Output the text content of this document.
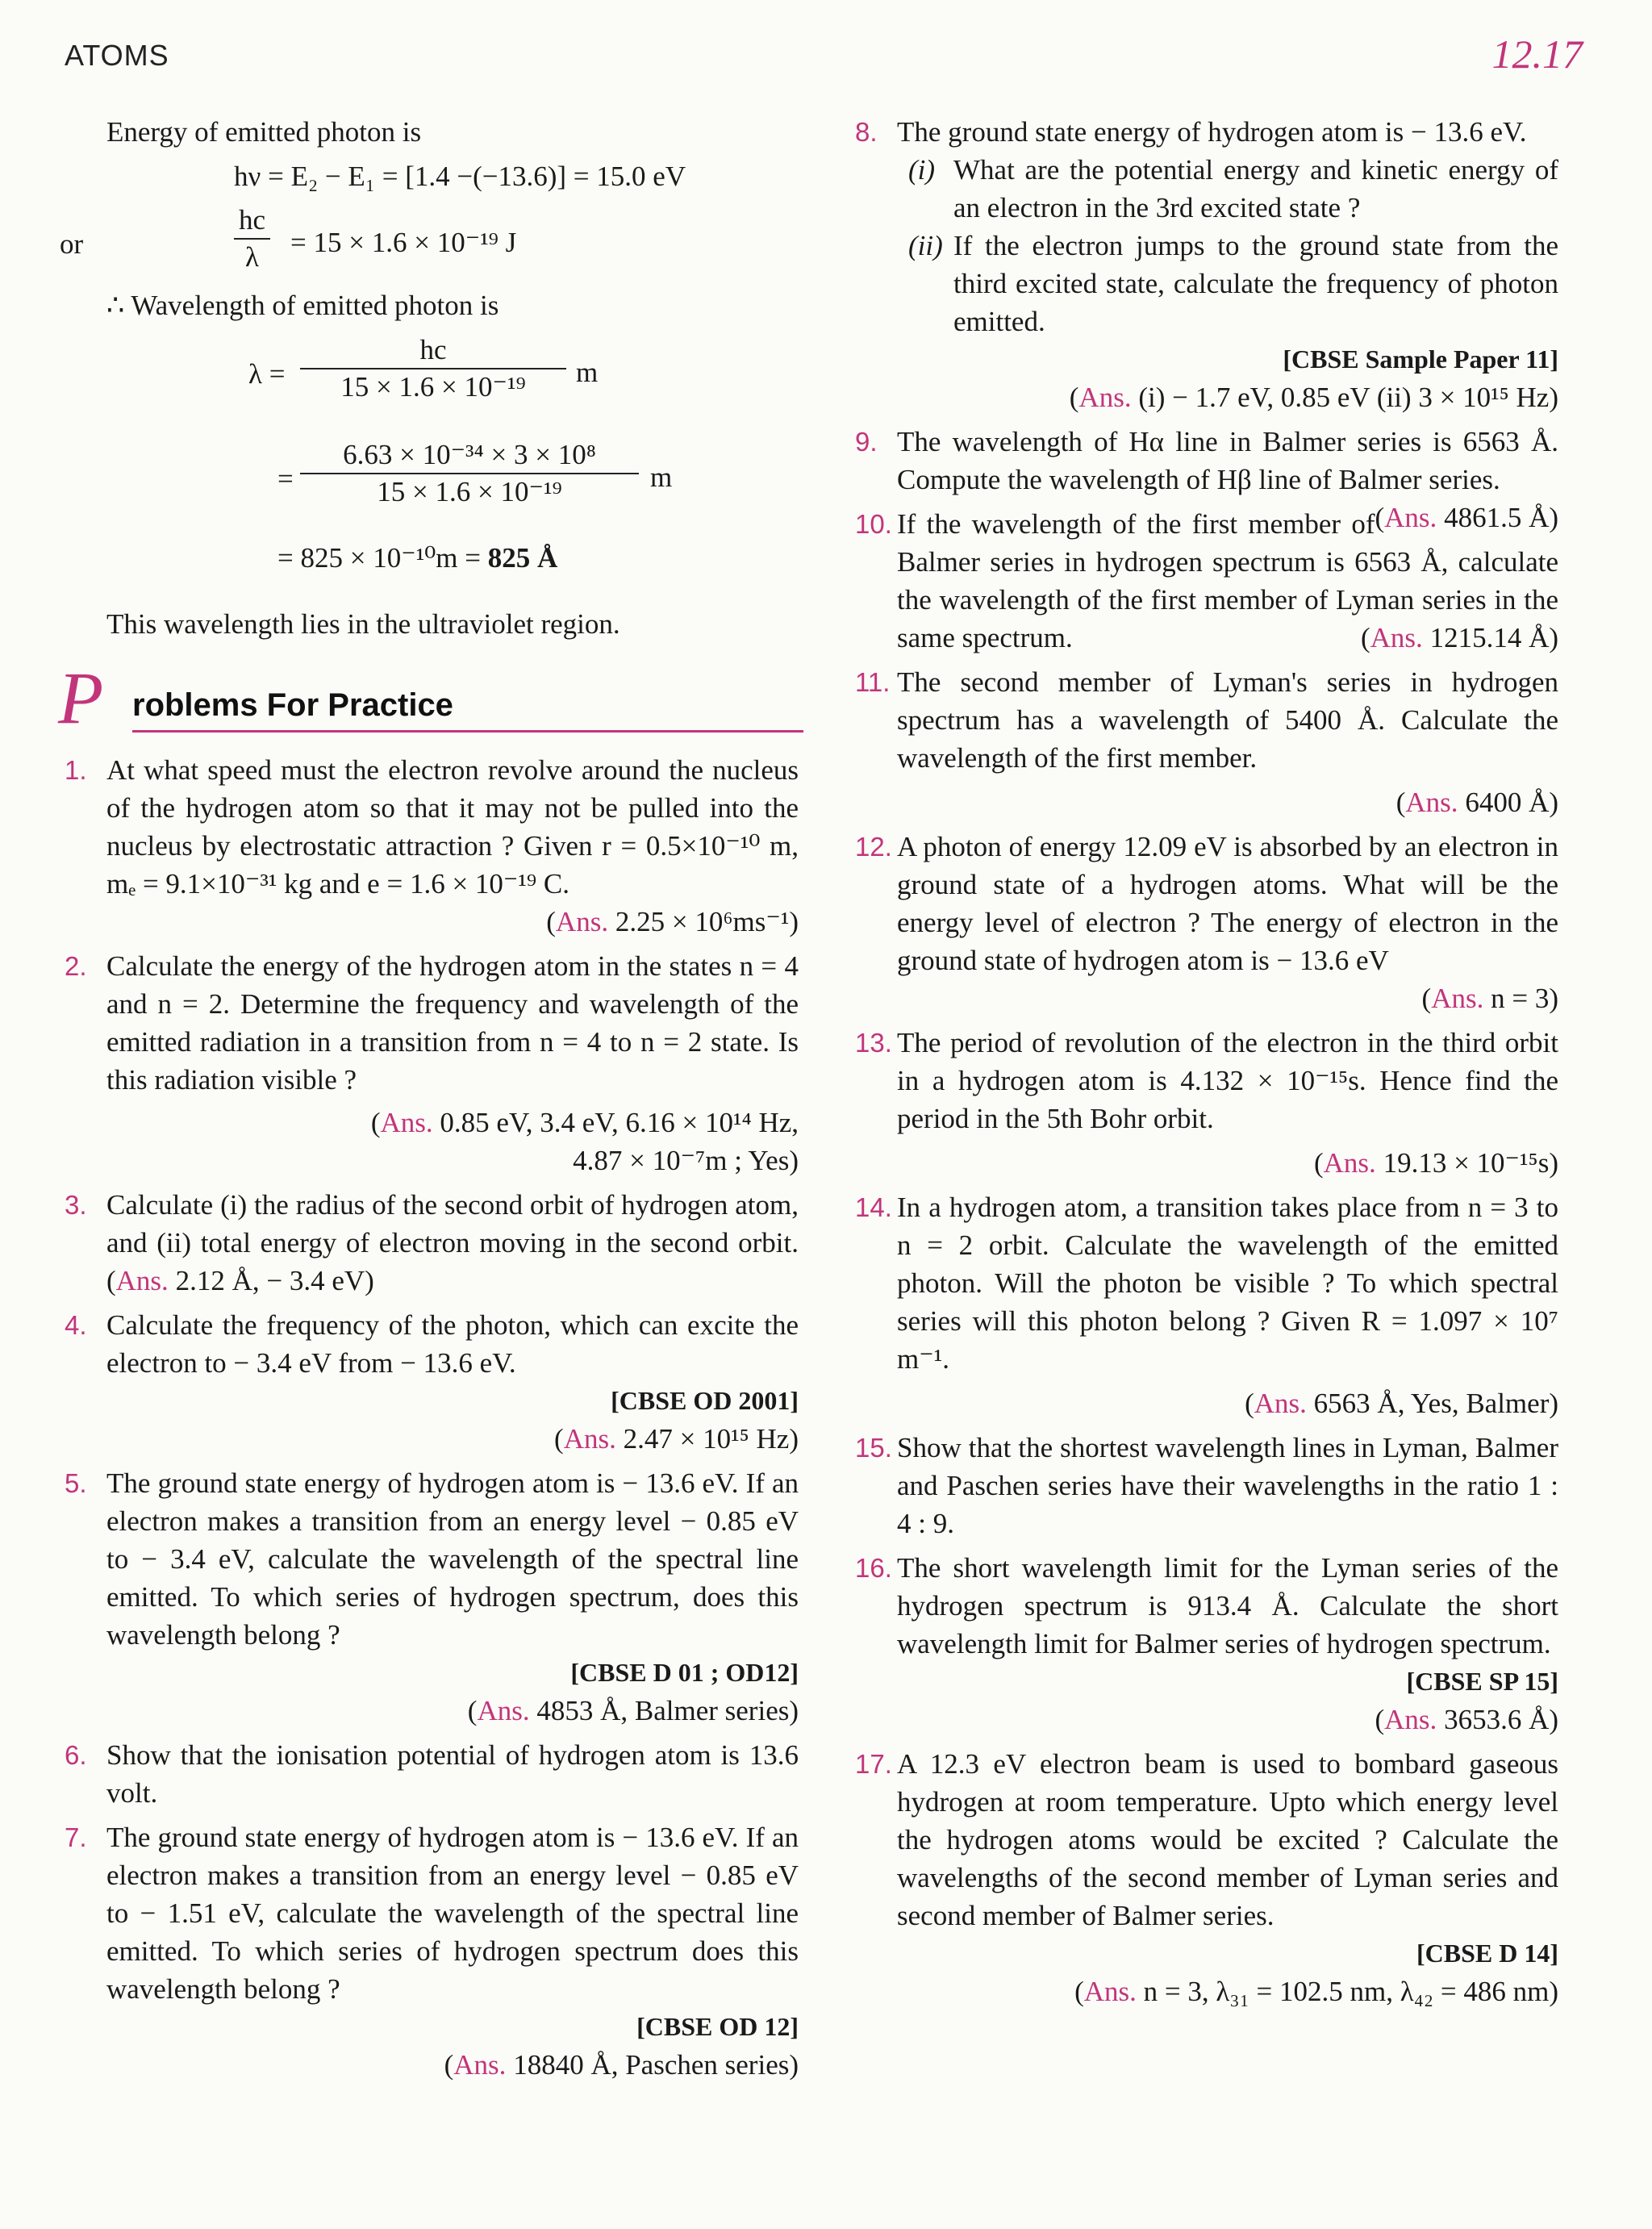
ATOMS	12.17

Energy of emitted photon is

hν = E₂ − E₁ = [1.4 −(−13.6)] = 15.0 eV
or	$\frac{hc}{\lambda} = 15 \times 1.6 \times 10^{-19}$ J

∴ Wavelength of emitted photon is

$\lambda = \frac{hc}{\text{15 × 1.6 × 10⁻¹⁹}}$ m
= $\frac{\text{6.63 × 10⁻³⁴ × 3 × 10⁸}}{\text{15 × 1.6 × 10⁻¹⁹}}$ m
= 825 × 10⁻¹⁰m = 825 Å

This wavelength lies in the ultraviolet region.

P roblems For Practice
1. At what speed must the electron revolve around the nucleus of the hydrogen atom so that it may not be pulled into the nucleus by electrostatic attraction ? Given r = 0.5×10⁻¹⁰ m, mₑ = 9.1×10⁻³¹ kg and e = 1.6 × 10⁻¹⁹ C.
(Ans. 2.25 × 10⁶ms⁻¹)
2. Calculate the energy of the hydrogen atom in the states n = 4 and n = 2. Determine the frequency and wavelength of the emitted radiation in a transition from n = 4 to n = 2 state. Is this radiation visible ?
(Ans. 0.85 eV, 3.4 eV, 6.16 × 10¹⁴ Hz,
4.87 × 10⁻⁷m ; Yes)
3. Calculate (i) the radius of the second orbit of hydrogen atom, and (ii) total energy of electron moving in the second orbit. (Ans. 2.12 Å, − 3.4 eV)
4. Calculate the frequency of the photon, which can excite the electron to − 3.4 eV from − 13.6 eV.
[CBSE OD 2001]
(Ans. 2.47 × 10¹⁵ Hz)
5. The ground state energy of hydrogen atom is − 13.6 eV. If an electron makes a transition from an energy level − 0.85 eV to − 3.4 eV, calculate the wavelength of the spectral line emitted. To which series of hydrogen spectrum, does this wavelength belong ?
[CBSE D 01 ; OD12]
(Ans. 4853 Å, Balmer series)
6. Show that the ionisation potential of hydrogen atom is 13.6 volt.
7. The ground state energy of hydrogen atom is − 13.6 eV. If an electron makes a transition from an energy level − 0.85 eV to − 1.51 eV, calculate the wavelength of the spectral line emitted. To which series of hydrogen spectrum does this wavelength belong ?
[CBSE OD 12]
(Ans. 18840 Å, Paschen series)
8. The ground state energy of hydrogen atom is − 13.6 eV.
(i) What are the potential energy and kinetic energy of an electron in the 3rd excited state ?
(ii) If the electron jumps to the ground state from the third excited state, calculate the frequency of photon emitted.
[CBSE Sample Paper 11]
(Ans. (i) − 1.7 eV, 0.85 eV (ii) 3 × 10¹⁵ Hz)
9. The wavelength of Hα line in Balmer series is 6563 Å. Compute the wavelength of Hβ line of Balmer series.
(Ans. 4861.5 Å)
10. If the wavelength of the first member of Balmer series in hydrogen spectrum is 6563 Å, calculate the wavelength of the first member of Lyman series in the same spectrum.	(Ans. 1215.14 Å)
11. The second member of Lyman's series in hydrogen spectrum has a wavelength of 5400 Å. Calculate the wavelength of the first member.
(Ans. 6400 Å)
12. A photon of energy 12.09 eV is absorbed by an electron in ground state of a hydrogen atoms. What will be the energy level of electron ? The energy of electron in the ground state of hydrogen atom is − 13.6 eV
(Ans. n = 3)
13. The period of revolution of the electron in the third orbit in a hydrogen atom is 4.132 × 10⁻¹⁵s. Hence find the period in the 5th Bohr orbit.
(Ans. 19.13 × 10⁻¹⁵s)
14. In a hydrogen atom, a transition takes place from n = 3 to n = 2 orbit. Calculate the wavelength of the emitted photon. Will the photon be visible ? To which spectral series will this photon belong ? Given R = 1.097 × 10⁷ m⁻¹.
(Ans. 6563 Å, Yes, Balmer)
15. Show that the shortest wavelength lines in Lyman, Balmer and Paschen series have their wavelengths in the ratio 1 : 4 : 9.
16. The short wavelength limit for the Lyman series of the hydrogen spectrum is 913.4 Å. Calculate the short wavelength limit for Balmer series of hydrogen spectrum.
[CBSE SP 15]
(Ans. 3653.6 Å)
17. A 12.3 eV electron beam is used to bombard gaseous hydrogen at room temperature. Upto which energy level the hydrogen atoms would be excited ? Calculate the wavelengths of the second member of Lyman series and second member of Balmer series.
[CBSE D 14]
(Ans. n = 3, λ₃₁ = 102.5 nm, λ₄₂ = 486 nm)
